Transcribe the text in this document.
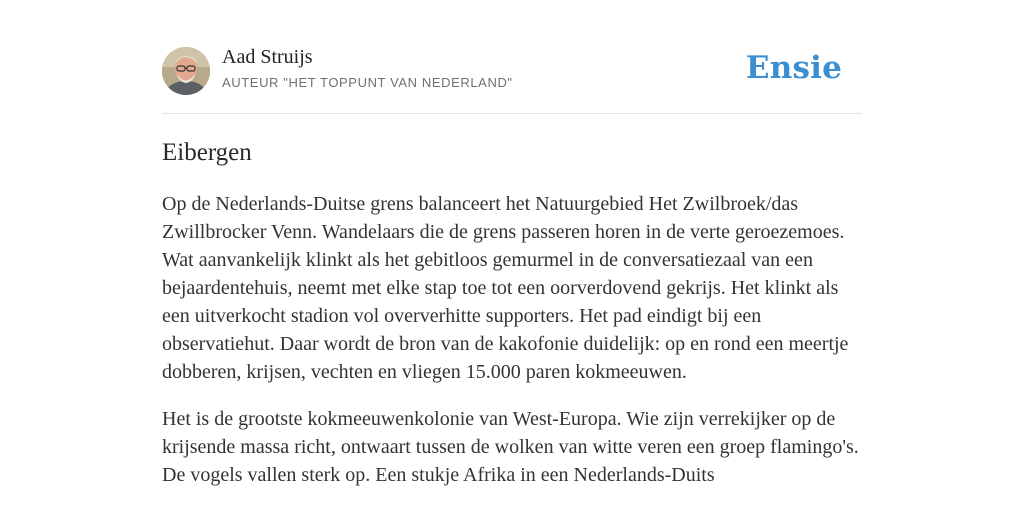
Aad Struijs
AUTEUR "HET TOPPUNT VAN NEDERLAND"	Ensie
Eibergen

Op de Nederlands-Duitse grens balanceert het Natuurgebied Het Zwilbroek/das Zwillbrocker Venn. Wandelaars die de grens passeren horen in de verte geroezemoes. Wat aanvankelijk klinkt als het gebitloos gemurmel in de conversatiezaal van een bejaardentehuis, neemt met elke stap toe tot een oorverdovend gekrijs. Het klinkt als een uitverkocht stadion vol oververhitte supporters. Het pad eindigt bij een observatiehut. Daar wordt de bron van de kakofonie duidelijk: op en rond een meertje dobberen, krijsen, vechten en vliegen 15.000 paren kokmeeuwen.

Het is de grootste kokmeeuwenkolonie van West-Europa. Wie zijn verrekijker op de krijsende massa richt, ontwaart tussen de wolken van witte veren een groep flamingo's. De vogels vallen sterk op. Een stukje Afrika in een Nederlands-Duits
